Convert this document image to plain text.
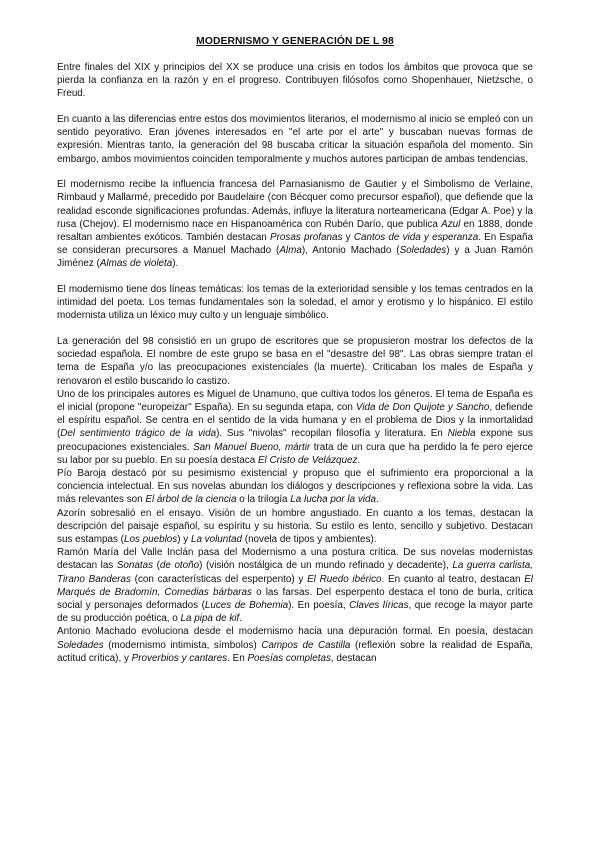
MODERNISMO Y GENERACIÓN DE L 98

Entre finales del XIX y principios del XX se produce una crisis en todos los ámbitos que provoca que se pierda la confianza en la razón y en el progreso. Contribuyen filósofos como Shopenhauer, Nietzsche, o Freud.

En cuanto a las diferencias entre estos dos movimientos literarios, el modernismo al inicio se empleó con un sentido peyorativo. Eran jóvenes interesados en "el arte por el arte" y buscaban nuevas formas de expresión. Mientras tanto, la generación del 98 buscaba criticar la situación española del momento. Sin embargo, ambos movimientos coinciden temporalmente y muchos autores participan de ambas tendencias.

El modernismo recibe la influencia francesa del Parnasianismo de Gautier y el Simbolismo de Verlaine, Rimbaud y Mallarmé, precedido por Baudelaire (con Bécquer como precursor español), que defiende que la realidad esconde significaciones profundas. Además, influye la literatura norteamericana (Edgar A. Poe) y la rusa (Chejov). El modernismo nace en Hispanoamérica con Rubén Darío, que publica Azul en 1888, donde resaltan ambientes exóticos. También destacan Prosas profanas y Cantos de vida y esperanza. En España se consideran precursores a Manuel Machado (Alma), Antonio Machado (Soledades) y a Juan Ramón Jiménez (Almas de violeta).

El modernismo tiene dos líneas temáticas: los temas de la exterioridad sensible y los temas centrados en la intimidad del poeta. Los temas fundamentales son la soledad, el amor y erotismo y lo hispánico. El estilo modernista utiliza un léxico muy culto y un lenguaje simbólico.

La generación del 98 consistió en un grupo de escritores que se propusieron mostrar los defectos de la sociedad española. El nombre de este grupo se basa en el "desastre del 98". Las obras siempre tratan el tema de España y/o las preocupaciones existenciales (la muerte). Criticaban los males de España y renovaron el estilo buscando lo castizo.

Uno de los principales autores es Miguel de Unamuno, que cultiva todos los géneros. El tema de España es el inicial (propone "europeizar" España). En su segunda etapa, con Vida de Don Quijote y Sancho, defiende el espíritu español. Se centra en el sentido de la vida humana y en el problema de Dios y la inmortalidad (Del sentimiento trágico de la vida). Sus "nivolas" recopilan filosofía y literatura. En Niebla expone sus preocupaciones existenciales. San Manuel Bueno, mártir trata de un cura que ha perdido la fe pero ejerce su labor por su pueblo. En su poesía destaca El Cristo de Velázquez.

Pío Baroja destacó por su pesimismo existencial y propuso que el sufrimiento era proporcional a la conciencia intelectual. En sus novelas abundan los diálogos y descripciones y reflexiona sobre la vida. Las más relevantes son El árbol de la ciencia o la trilogía La lucha por la vida.

Azorín sobresalió en el ensayo. Visión de un hombre angustiado. En cuanto a los temas, destacan la descripción del paisaje español, su espíritu y su historia. Su estilo es lento, sencillo y subjetivo. Destacan sus estampas (Los pueblos) y La voluntad (novela de tipos y ambientes).

Ramón María del Valle Inclán pasa del Modernismo a una postura crítica. De sus novelas modernistas destacan las Sonatas (de otoño) (visión nostálgica de un mundo refinado y decadente), La guerra carlista, Tirano Banderas (con características del esperpento) y El Ruedo ibérico. En cuanto al teatro, destacan El Marqués de Bradomín, Comedias bárbaras o las farsas. Del esperpento destaca el tono de burla, crítica social y personajes deformados (Luces de Bohemia). En poesía, Claves líricas, que recoge la mayor parte de su producción poética, o La pipa de kif.

Antonio Machado evoluciona desde el modernismo hacia una depuración formal. En poesía, destacan Soledades (modernismo intimista, símbolos) Campos de Castilla (reflexión sobre la realidad de España, actitud crítica), y Proverbios y cantares. En Poesías completas, destacan
